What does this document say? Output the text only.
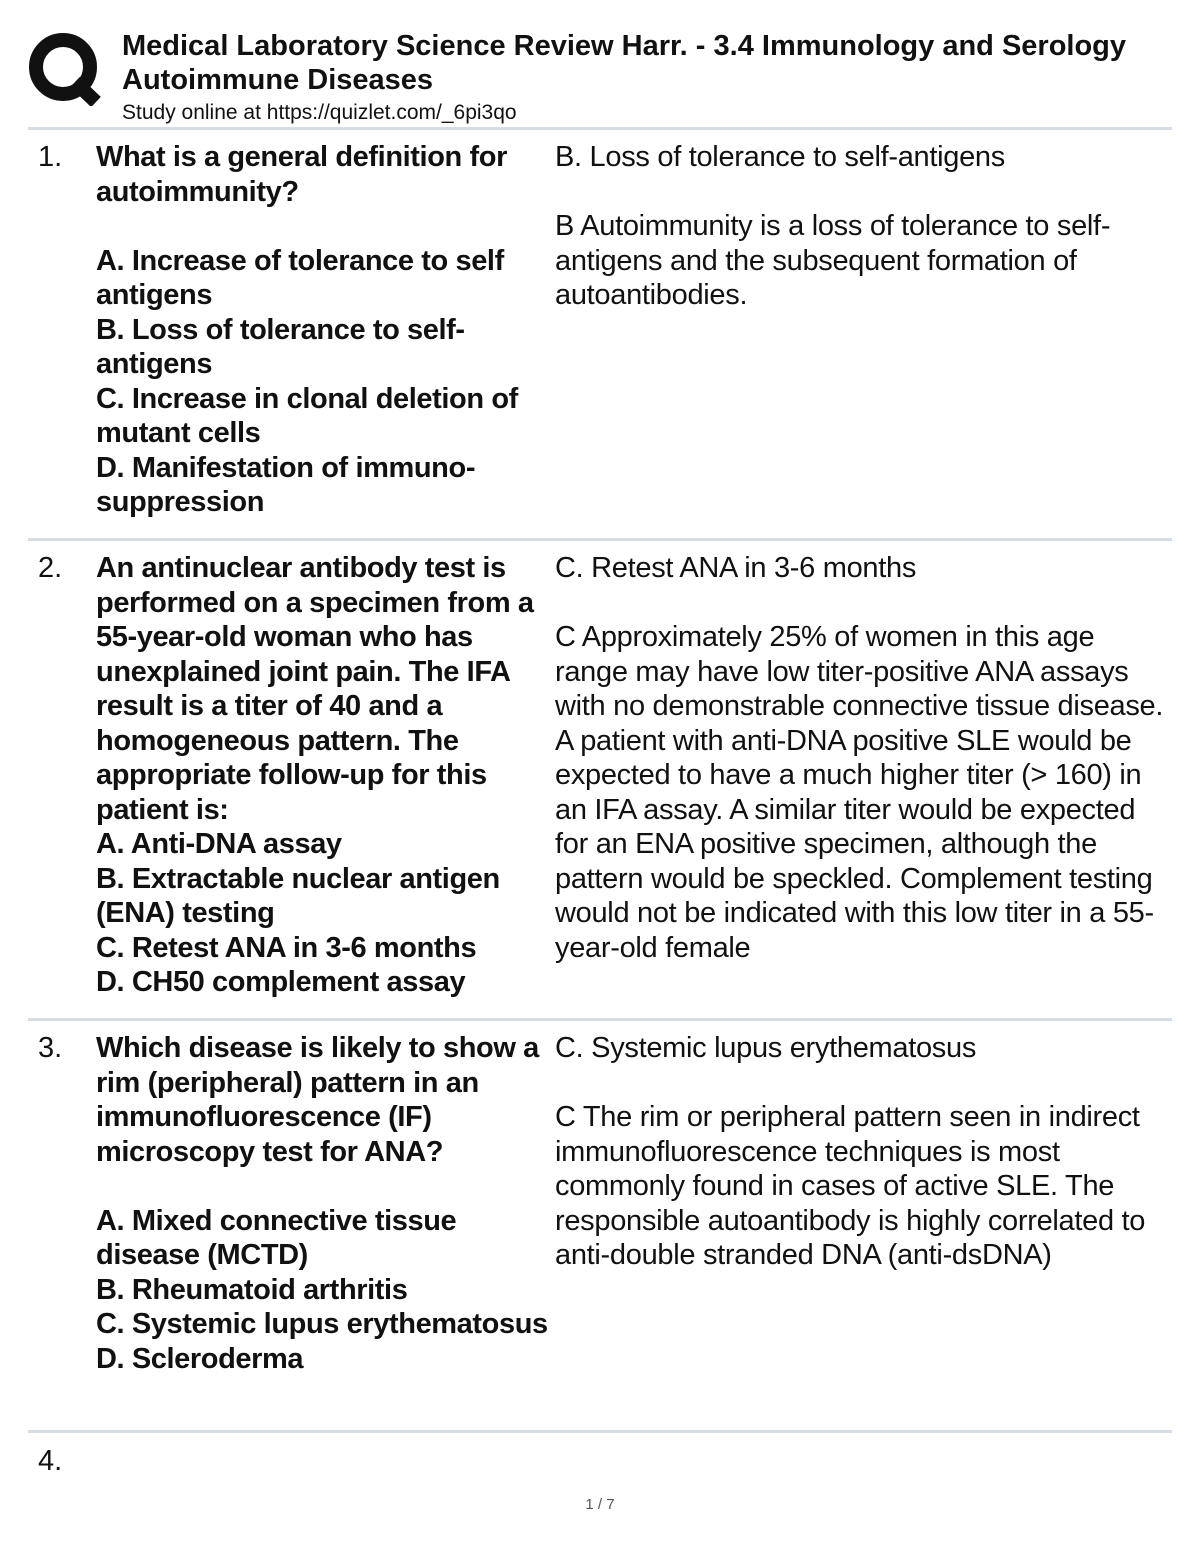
Medical Laboratory Science Review Harr. - 3.4 Immunology and Serology
Autoimmune Diseases
Study online at https://quizlet.com/_6pi3qo
1. What is a general definition for autoimmunity?

A. Increase of tolerance to self antigens
B. Loss of tolerance to self-antigens
C. Increase in clonal deletion of mutant cells
D. Manifestation of immuno-suppression
B. Loss of tolerance to self-antigens
B Autoimmunity is a loss of tolerance to self-antigens and the subsequent formation of autoantibodies.
2. An antinuclear antibody test is performed on a specimen from a 55-year-old woman who has unexplained joint pain. The IFA result is a titer of 40 and a homogeneous pattern. The appropriate follow-up for this patient is:
A. Anti-DNA assay
B. Extractable nuclear antigen (ENA) testing
C. Retest ANA in 3-6 months
D. CH50 complement assay
C. Retest ANA in 3-6 months
C Approximately 25% of women in this age range may have low titer-positive ANA assays with no demonstrable connective tissue disease. A patient with anti-DNA positive SLE would be expected to have a much higher titer (> 160) in an IFA assay. A similar titer would be expected for an ENA positive specimen, although the pattern would be speckled. Complement testing would not be indicated with this low titer in a 55-year-old female
3. Which disease is likely to show a rim (peripheral) pattern in an immunofluorescence (IF) microscopy test for ANA?

A. Mixed connective tissue disease (MCTD)
B. Rheumatoid arthritis
C. Systemic lupus erythematosus
D. Scleroderma
C. Systemic lupus erythematosus
C The rim or peripheral pattern seen in indirect immunofluorescence techniques is most commonly found in cases of active SLE. The responsible autoantibody is highly correlated to anti-double stranded DNA (anti-dsDNA)
4.
1 / 7
